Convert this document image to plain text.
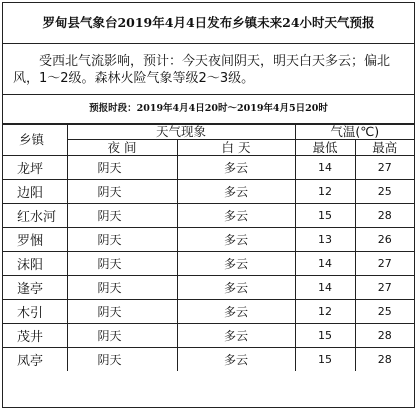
罗甸县气象台2019年4月4日发布乡镇未来24小时天气预报
受西北气流影响，预计：今天夜间阴天，明天白天多云；偏北风，1～2级。森林火险气象等级2～3级。
预报时段：2019年4月4日20时～2019年4月5日20时
乡镇	天气现象		气温(℃)	
	夜 间	白 天	最低	最高
龙坪	阴天	多云	14	27
边阳	阴天	多云	12	25
红水河	阴天	多云	15	28
罗悃	阴天	多云	13	26
沫阳	阴天	多云	14	27
逢亭	阴天	多云	14	27
木引	阴天	多云	12	25
茂井	阴天	多云	15	28
凤亭	阴天	多云	15	28
